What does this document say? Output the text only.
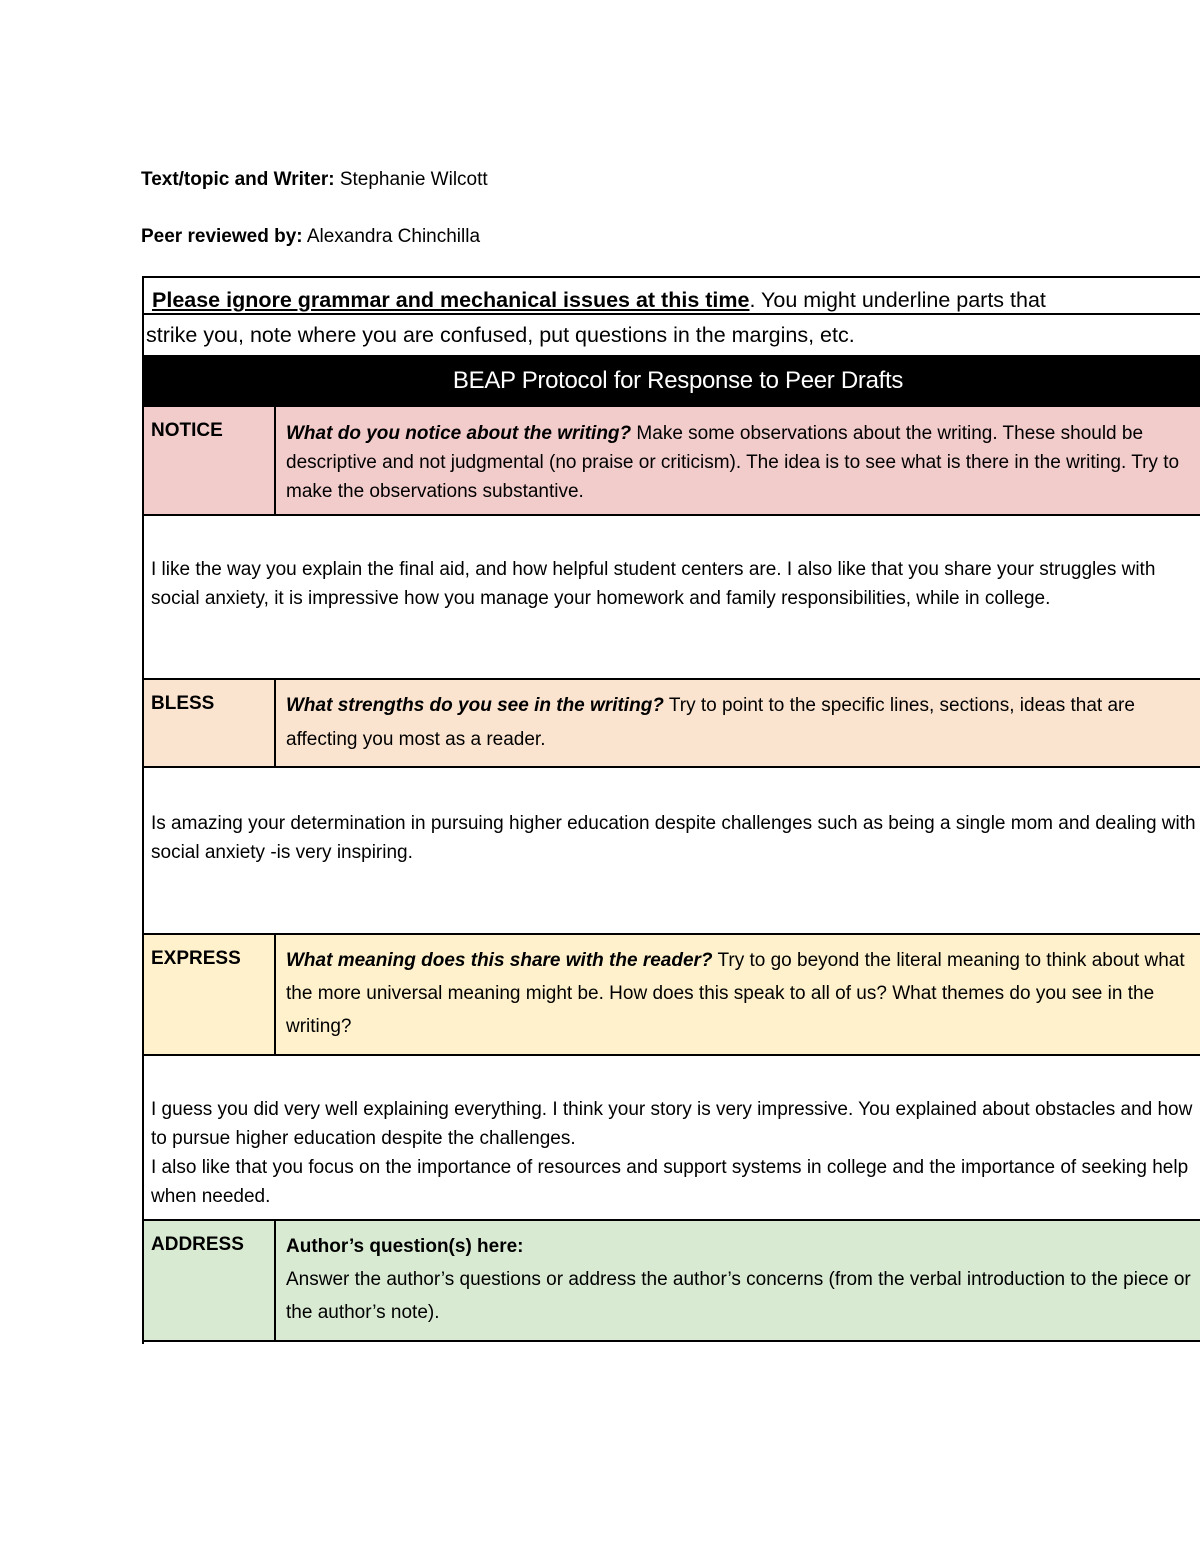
Text/topic and Writer: Stephanie Wilcott
Peer reviewed by: Alexandra Chinchilla
Please ignore grammar and mechanical issues at this time. You might underline parts that
strike you, note where you are confused, put questions in the margins, etc.
BEAP Protocol for Response to Peer Drafts
NOTICE	What do you notice about the writing? Make some observations about the writing. These should be descriptive and not judgmental (no praise or criticism). The idea is to see what is there in the writing. Try to make the observations substantive.

I like the way you explain the final aid, and how helpful student centers are. I also like that you share your struggles with social anxiety, it is impressive how you manage your homework and family responsibilities, while in college.

BLESS	What strengths do you see in the writing? Try to point to the specific lines, sections, ideas that are affecting you most as a reader.

Is amazing your determination in pursuing higher education despite challenges such as being a single mom and dealing with social anxiety -is very inspiring.

EXPRESS What meaning does this share with the reader? Try to go beyond the literal meaning to think about what the more universal meaning might be. How does this speak to all of us? What themes do you see in the writing?

I guess you did very well explaining everything. I think your story is very impressive. You explained about obstacles and how to pursue higher education despite the challenges.

I also like that you focus on the importance of resources and support systems in college and the importance of seeking help when needed.

ADDRESS Author’s question(s) here:
Answer the author’s questions or address the author’s concerns (from the verbal introduction to the piece or the author’s note).
